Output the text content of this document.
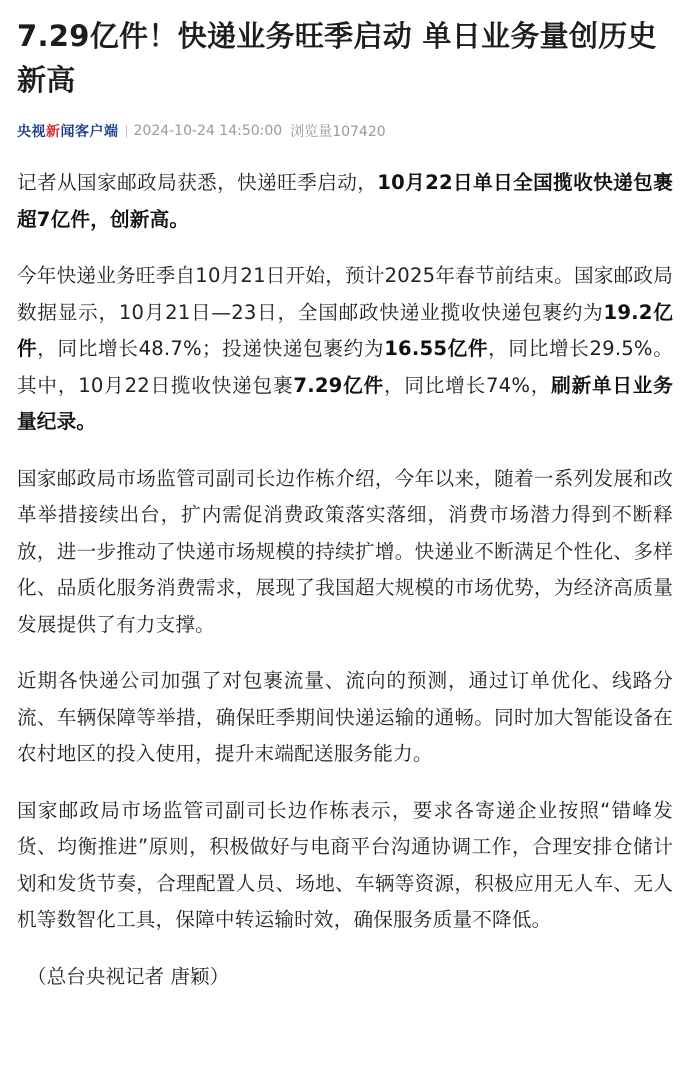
7.29亿件！快递业务旺季启动 单日业务量创历史新高
央视新闻客户端 2024-10-24 14:50:00 浏览量107420

记者从国家邮政局获悉，快递旺季启动，10月22日单日全国揽收快递包裹超7亿件，创新高。

今年快递业务旺季自10月21日开始，预计2025年春节前结束。国家邮政局数据显示，10月21日—23日，全国邮政快递业揽收快递包裹约为19.2亿件，同比增长48.7%；投递快递包裹约为16.55亿件，同比增长29.5%。其中，10月22日揽收快递包裹7.29亿件，同比增长74%，刷新单日业务量纪录。

国家邮政局市场监管司副司长边作栋介绍，今年以来，随着一系列发展和改革举措接续出台，扩内需促消费政策落实落细，消费市场潜力得到不断释放，进一步推动了快递市场规模的持续扩增。快递业不断满足个性化、多样化、品质化服务消费需求，展现了我国超大规模的市场优势，为经济高质量发展提供了有力支撑。

近期各快递公司加强了对包裹流量、流向的预测，通过订单优化、线路分流、车辆保障等举措，确保旺季期间快递运输的通畅。同时加大智能设备在农村地区的投入使用，提升末端配送服务能力。

国家邮政局市场监管司副司长边作栋表示，要求各寄递企业按照“错峰发货、均衡推进”原则，积极做好与电商平台沟通协调工作，合理安排仓储计划和发货节奏，合理配置人员、场地、车辆等资源，积极应用无人车、无人机等数智化工具，保障中转运输时效，确保服务质量不降低。

（总台央视记者 唐颖）
